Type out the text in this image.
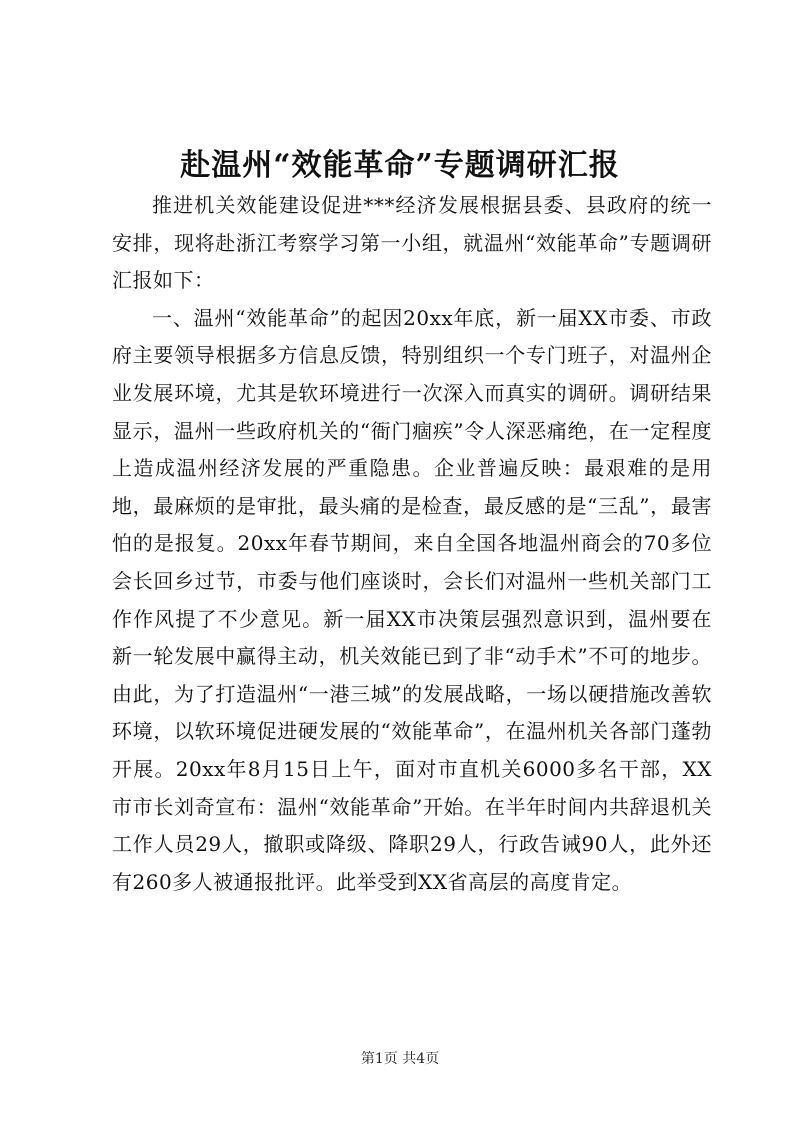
赴温州“效能革命”专题调研汇报

推进机关效能建设促进***经济发展根据县委、县政府的统一安排，现将赴浙江考察学习第一小组，就温州“效能革命”专题调研汇报如下：

一、温州“效能革命”的起因20xx年底，新一届XX市委、市政府主要领导根据多方信息反馈，特别组织一个专门班子，对温州企业发展环境，尤其是软环境进行一次深入而真实的调研。调研结果显示，温州一些政府机关的“衙门痼疾”令人深恶痛绝，在一定程度上造成温州经济发展的严重隐患。企业普遍反映：最艰难的是用地，最麻烦的是审批，最头痛的是检查，最反感的是“三乱”，最害怕的是报复。20xx年春节期间，来自全国各地温州商会的70多位会长回乡过节，市委与他们座谈时，会长们对温州一些机关部门工作作风提了不少意见。新一届XX市决策层强烈意识到，温州要在新一轮发展中赢得主动，机关效能已到了非“动手术”不可的地步。由此，为了打造温州“一港三城”的发展战略，一场以硬措施改善软环境，以软环境促进硬发展的“效能革命”，在温州机关各部门蓬勃开展。20xx年8月15日上午，面对市直机关6000多名干部，XX市市长刘奇宣布：温州“效能革命”开始。在半年时间内共辞退机关工作人员29人，撤职或降级、降职29人，行政告诫90人，此外还有260多人被通报批评。此举受到XX省高层的高度肯定。

第1页 共4页
